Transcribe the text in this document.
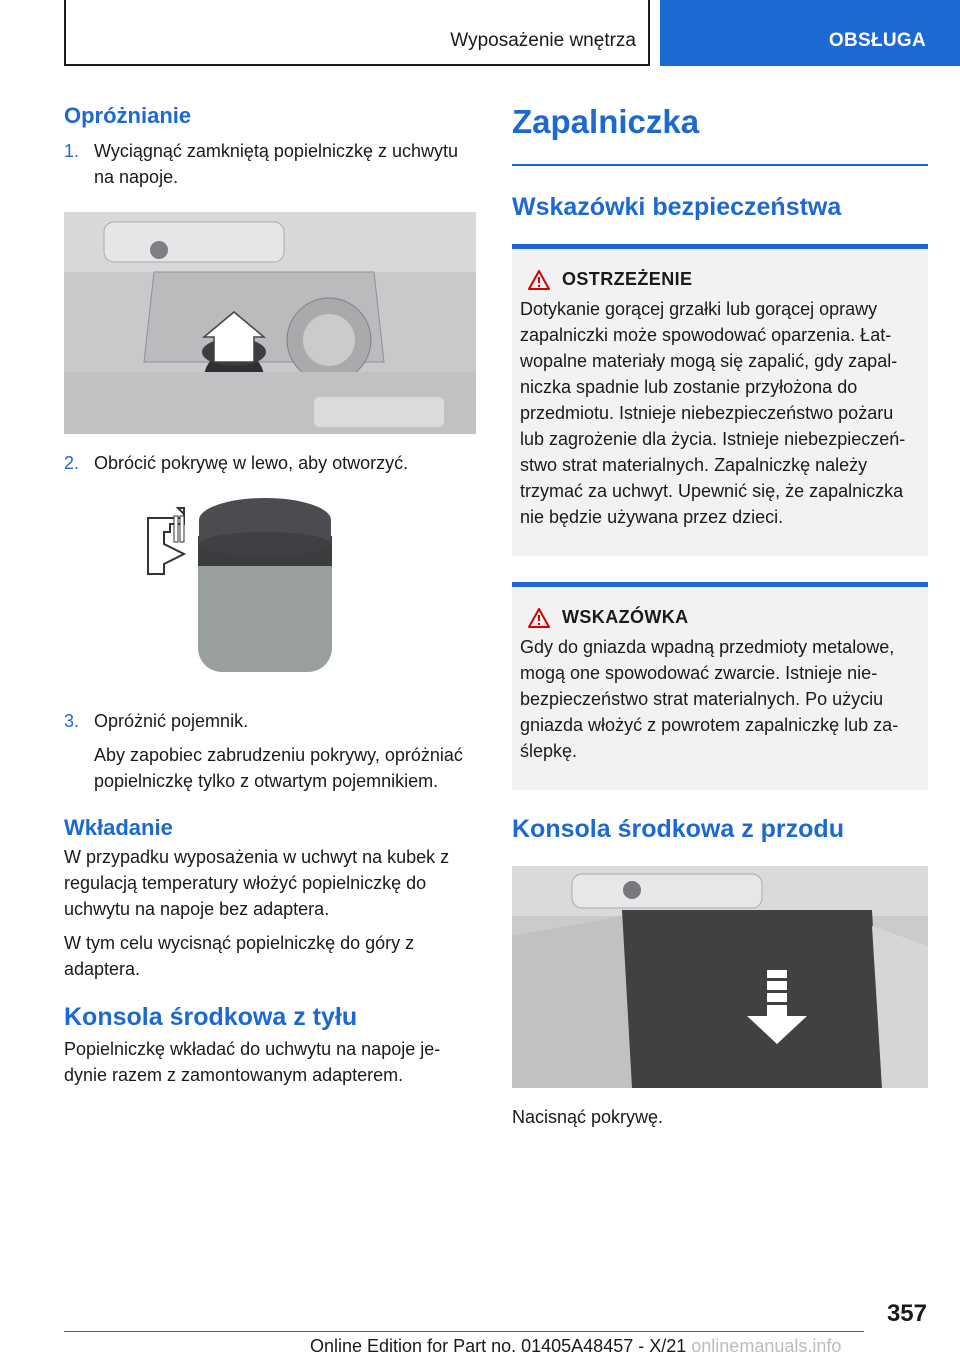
Wyposażenie wnętrza	OBSŁUGA
Opróżnianie
1. Wyciągnąć zamkniętą popielniczkę z uchwytu na napoje.
2. Obrócić pokrywę w lewo, aby otworzyć.
3. Opróżnić pojemnik.

Aby zapobiec zabrudzeniu pokrywy, opróżniać popielniczkę tylko z otwartym pojemnikiem.

Wkładanie

W przypadku wyposażenia w uchwyt na kubek z regulacją temperatury włożyć popielniczkę do uchwytu na napoje bez adaptera.

W tym celu wycisnąć popielniczkę do góry z adaptera.

Konsola środkowa z tyłu

Popielniczkę wkładać do uchwytu na napoje jedynie razem z zamontowanym adapterem.

Zapalniczka
Wskazówki bezpieczeństwa
OSTRZEŻENIE

Dotykanie gorącej grzałki lub gorącej oprawy zapalniczki może spowodować oparzenia. Łatwopalne materiały mogą się zapalić, gdy zapalniczka spadnie lub zostanie przyłożona do przedmiotu. Istnieje niebezpieczeństwo pożaru lub zagrożenie dla życia. Istnieje niebezpieczeństwo strat materialnych. Zapalniczkę należy trzymać za uchwyt. Upewnić się, że zapalniczka nie będzie używana przez dzieci.

WSKAZÓWKA

Gdy do gniazda wpadną przedmioty metalowe, mogą one spowodować zwarcie. Istnieje niebezpieczeństwo strat materialnych. Po użyciu gniazda włożyć z powrotem zapalniczkę lub zaślepkę.

Konsola środkowa z przodu

Nacisnąć pokrywę.

357
Online Edition for Part no. 01405A48457 - X/21 onlinemanuals.info
